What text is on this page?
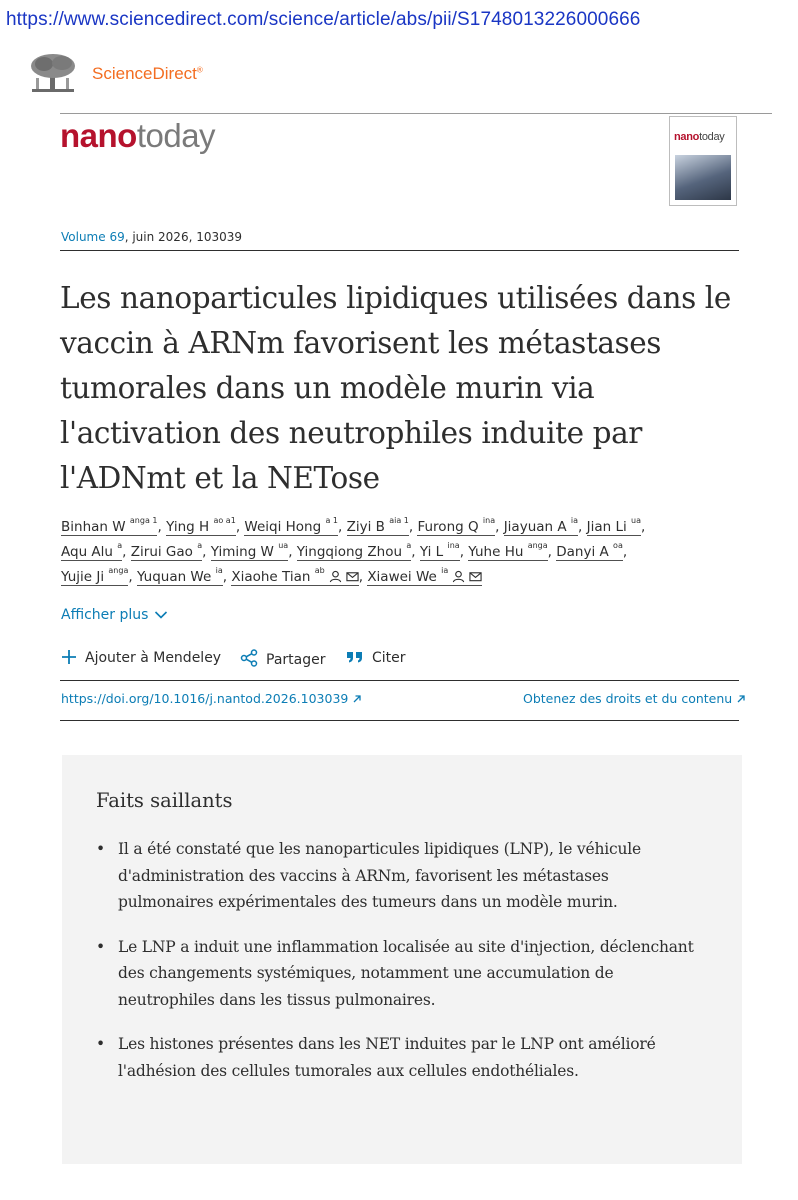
https://www.sciencedirect.com/science/article/abs/pii/S1748013226000666
ScienceDirect®
nanotoday	nanotoday
Volume 69, juin 2026, 103039
Les nanoparticules lipidiques utilisées dans le vaccin à ARNm favorisent les métastases tumorales dans un modèle murin via l'activation des neutrophiles induite par l'ADNmt et la NETose
Binhan W $^{anga 1}$, Ying H $^{ao a1}$, Weiqi Hong $^{a 1}$, Ziyi B $^{aia 1}$, Furong Q $^{ina}$, Jiayuan A $^{ia}$, Jian Li $^{ua}$,
Aqu Alu $^a$, Zirui Gao $^a$, Yiming W $^{ua}$, Yingqiong Zhou $^a$, Yi L $^{ina}$, Yuhe Hu $^{anga}$, Danyi A $^{oa}$,
Yujie Ji $^{anga}$, Yuquan We $^{ia}$, Xiaohe Tian $^{ab}$	, Xiawei We $^{ia}$
Afficher plus
Ajouter à Mendeley	Partager	Citer
https://doi.org/10.1016/j.nantod.2026.103039	Obtenez des droits et du contenu
Faits saillants
• Il a été constaté que les nanoparticules lipidiques (LNP), le véhicule d'administration des vaccins à ARNm, favorisent les métastases pulmonaires expérimentales des tumeurs dans un modèle murin.
• Le LNP a induit une inflammation localisée au site d'injection, déclenchant des changements systémiques, notamment une accumulation de neutrophiles dans les tissus pulmonaires.
• Les histones présentes dans les NET induites par le LNP ont amélioré l'adhésion des cellules tumorales aux cellules endothéliales.
